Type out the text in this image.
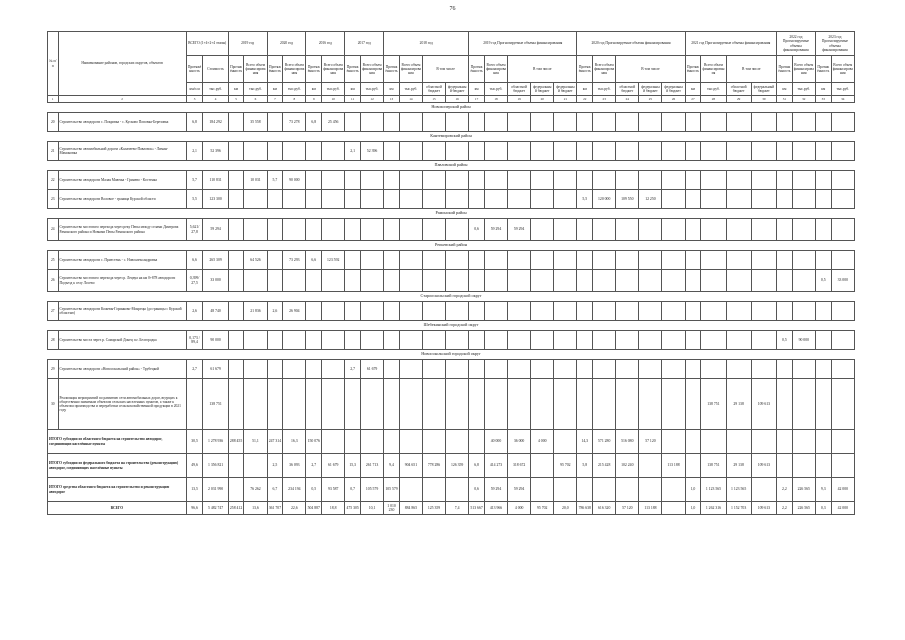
76
№ п/п	Наименование районов, городских округов, объектов	ВСЕГО (1+4+2+4 этапы)		2019 год		2020 год		2016 год		2017 год		2018 год				2019 год Прогнозируемые объемы финансирования					2020 год Прогнозируемые объемы финансирования					2021 год Прогнозируемые объемы финансирования				2022 год Прогнозируемые объемы финансирования		2023 год Прогнозируемые объемы финансирования	
		Протяжённость	Стоимость	Протяжённость	Всего объем финансирования	Протяжённость	Всего объем финансирования	Протяжённость	Всего объем финансирования	Протяжённость	Всего объем финансирования	Протяжённость	Всего объем финансирования	В том числе		Протяжённость	Всего объем финансирования	В том числе			Протяжённость	Всего объем финансирования	В том числе			Протяжённость	Всего объем финансирования	В том числе		Протяжённость	Всего объем финансирования	Протяжённость	Всего объем финансирования
		км/п.м	тыс.руб.	км	тыс.руб.	км	тыс.руб.	км	тыс.руб.	км	тыс.руб.	км	тыс.руб.	областной бюджет	федеральный бюджет	км	тыс.руб.	областной бюджет	федеральный бюджет	федеральный бюджет	км	тыс.руб.	областной бюджет	федеральный бюджет	федеральный бюджет	км	тыс.руб.	областной бюджет	федеральный бюджет	км	тыс.руб.	км	тыс.руб.
1	2	3	4	5	6	7	8	9	10	11	12	13	14	15	16	17	18	19	20	21	22	23	24	25	26	27	28	29	30	31	32	33	34
Новохоперский район																																	
20	Строительство автодороги с. Покровка - с. Кусково Поповка-Березовка	6,8	184 292		35 558		73 278	6,8	25 456																								
Кантемировский район																																	
21	Строительство автомобильной дороги «Калачеево-Павловск» - Лиман-Мамоновка	2,1	52 396							2,1	52 396																						
Павловский район																																	
22	Строительство автодороги Малая Маючка - Гринево - Костенка	5,7	110 831		10 031	5,7	90 000																										
23	Строительство автодороги Воловое - граница Курской области	5,5	123 300																		5,5	120 000	109 550	12 250									
Рамонский район																																	
24	Строительство мостового перехода через реку Пепы между селами Дмитрова Рамонского района и Новыми Пепы Рамонского района	5,621/ 27,8	59 294													0,6	59 294	59 294															
Репьевский район																																	
25	Строительство автодороги с. Приестень - с. Новоалександровка	6,6	265 309		64 526		73 293	6,6	123 592																								
26	Строительство мостового перехода через р. Лецвуа на км 0+878 автодороги Подъезд к селу Лосево	0,399/ 27,5	33 000																													0,5	33 000
Старооскольский городской округ																																	
27	Строительство автодороги Кожевы-Горинково-Мокрецы (до границы с Курской областью)	2,6	48 740		21 836	2,6	26 904																										
Шебекинский городской округ																																	
28	Строительство моста через р. Самарской Донец п.г. Белгородка	0,173 / 89,4	90 000																											0,5	90 000		
Новооскольский городской округ																																	
29	Строительство автодороги «Новооскольский район» - Трубецкой	2,7	61 679							2,7	61 679																						
30	Реализация мероприятий по развитию сети автомобильных дорог, ведущих к общественно значимым объектам сельских населенных пунктов, а также к объектам производства и переработки сельскохозяйственной продукции в 2021 году		138 751																								138 751	29 138	109 613				
ИТОГО субсидии из областного бюджета на строительство автодорог, соединяющих населённые пункты		30,5	1 278 936	288 455	51,1	247 314	16,3	150 076									40 000	36 000	4 000		14,3	571 280	516 080	57 120									
ИТОГО субсидии из федерального бюджета на строительство (реконструкцию) автодорог, соединяющих населённые пункты		49,6	1 356 821			2,5	36 093	2,7	61 679	15,3	261 713	9,4	904 651	778 286	126 359	6,8	414 273	318 672		95 702	5,8	215 428	102 240		113 188		138 751	29 138	109 613				
ИТОГО средства областного бюджета на строительство и реконструкцию автодорог		13,5	2 031 990		76 262	6,7	234 194	0,5	93 587	0,7	105 579	105 579				0,6	59 294	59 294								1,0	1 123 565	1 123 565		2,2	226 565	9,3	42 000
ВСЕГО		96,6	5 482 747	258 412	13,6	361 707	22,6	504 887	18,8	475 305	10,1	1 010 230	884 865	125 359	7,4	513 667	413 966	4 000	95 702	20,0	786 638	616 320	57 120	113 188		1,0	1 262 316	1 152 703	109 613	2,2	226 565	0,3	42 000
